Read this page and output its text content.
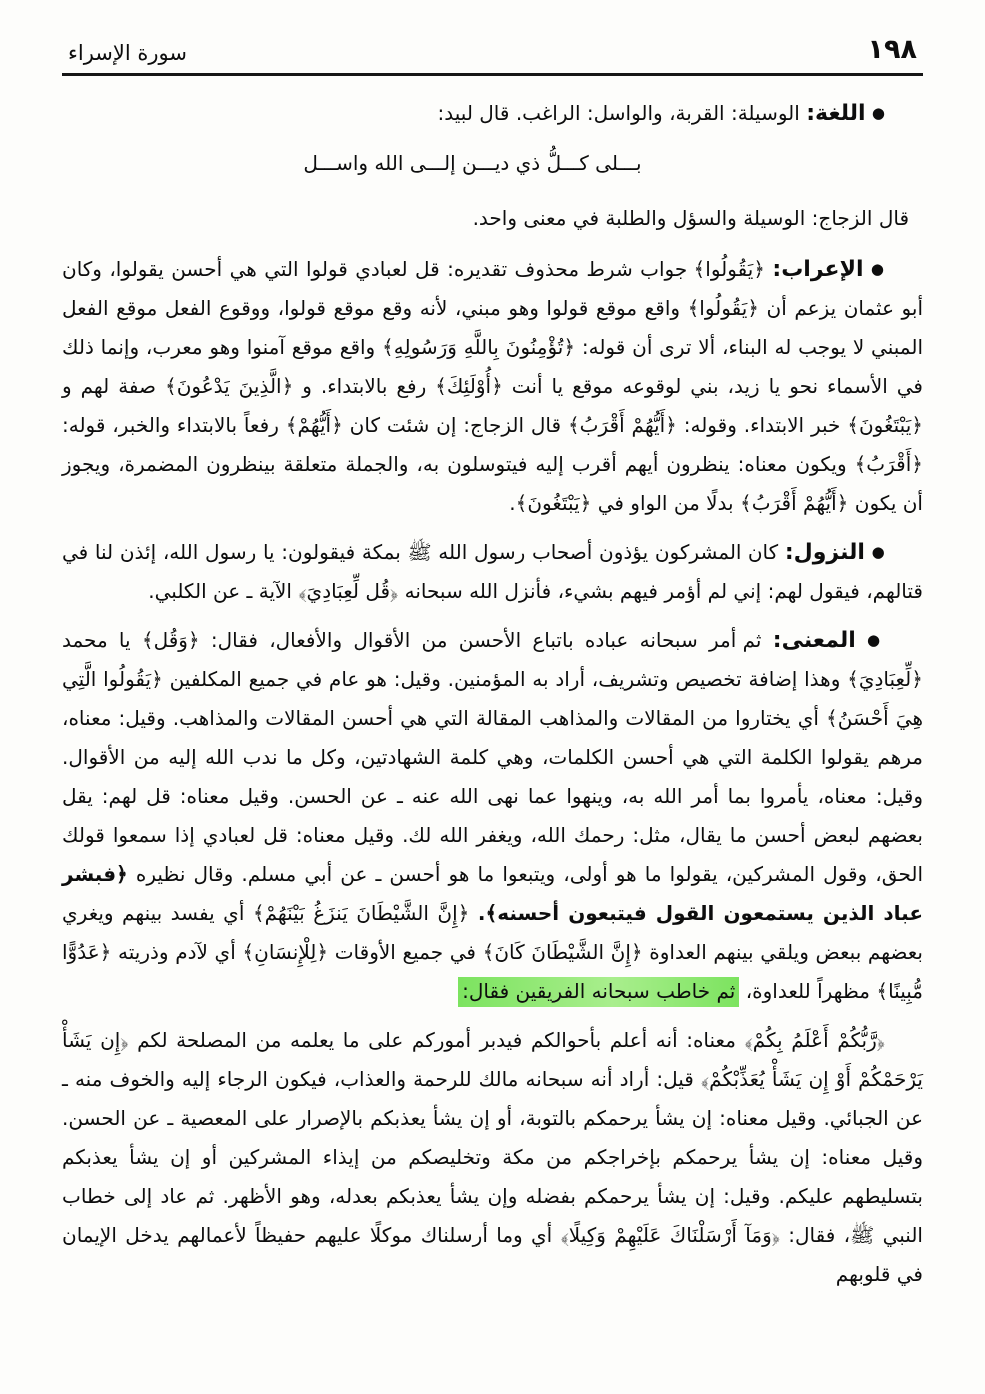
١٩٨
سورة الإسراء

● اللغة: الوسيلة: القربة، والواسل: الراغب. قال لبيد:

بـــلى كـــلُّ ذي ديـــن إلـــى الله واســـل

قال الزجاج: الوسيلة والسؤل والطلبة في معنى واحد.

● الإعراب: ﴿يَقُولُوا﴾ جواب شرط محذوف تقديره: قل لعبادي قولوا التي هي أحسن يقولوا، وكان أبو عثمان يزعم أن ﴿يَقُولُوا﴾ واقع موقع قولوا وهو مبني، لأنه وقع موقع قولوا، ووقوع الفعل موقع الفعل المبني لا يوجب له البناء، ألا ترى أن قوله: ﴿تُؤْمِنُونَ بِاللَّهِ وَرَسُولِهِ﴾ واقع موقع آمنوا وهو معرب، وإنما ذلك في الأسماء نحو يا زيد، بني لوقوعه موقع يا أنت ﴿أُوْلَئِكَ﴾ رفع بالابتداء. و ﴿الَّذِينَ يَدْعُونَ﴾ صفة لهم و ﴿يَبْتَغُونَ﴾ خبر الابتداء. وقوله: ﴿أَيُّهُمْ أَقْرَبُ﴾ قال الزجاج: إن شئت كان ﴿أَيُّهُمْ﴾ رفعاً بالابتداء والخبر، قوله: ﴿أَقْرَبُ﴾ ويكون معناه: ينظرون أيهم أقرب إليه فيتوسلون به، والجملة متعلقة بينظرون المضمرة، ويجوز أن يكون ﴿أَيُّهُمْ أَقْرَبُ﴾ بدلًا من الواو في ﴿يَبْتَغُونَ﴾.

● النزول: كان المشركون يؤذون أصحاب رسول الله ﷺ بمكة فيقولون: يا رسول الله، إئذن لنا في قتالهم، فيقول لهم: إني لم أؤمر فيهم بشيء، فأنزل الله سبحانه ﴿قُل لِّعِبَادِيَ﴾ الآية ـ عن الكلبي.

● المعنى: ثم أمر سبحانه عباده باتباع الأحسن من الأقوال والأفعال، فقال: ﴿وَقُل﴾ يا محمد ﴿لِّعِبَادِيَ﴾ وهذا إضافة تخصيص وتشريف، أراد به المؤمنين. وقيل: هو عام في جميع المكلفين ﴿يَقُولُوا الَّتِي هِيَ أَحْسَنُ﴾ أي يختاروا من المقالات والمذاهب المقالة التي هي أحسن المقالات والمذاهب. وقيل: معناه، مرهم يقولوا الكلمة التي هي أحسن الكلمات، وهي كلمة الشهادتين، وكل ما ندب الله إليه من الأقوال. وقيل: معناه، يأمروا بما أمر الله به، وينهوا عما نهى الله عنه ـ عن الحسن. وقيل معناه: قل لهم: يقل بعضهم لبعض أحسن ما يقال، مثل: رحمك الله، ويغفر الله لك. وقيل معناه: قل لعبادي إذا سمعوا قولك الحق، وقول المشركين، يقولوا ما هو أولى، ويتبعوا ما هو أحسن ـ عن أبي مسلم. وقال نظيره ﴿فبشر عباد الذين يستمعون القول فيتبعون أحسنه﴾. ﴿إِنَّ الشَّيْطَانَ يَنزَغُ بَيْنَهُمْ﴾ أي يفسد بينهم ويغري بعضهم ببعض ويلقي بينهم العداوة ﴿إِنَّ الشَّيْطَانَ كَانَ﴾ في جميع الأوقات ﴿لِلْإِنسَانِ﴾ أي لآدم وذريته ﴿عَدُوًّا مُّبِينًا﴾ مظهراً للعداوة، ثم خاطب سبحانه الفريقين فقال:

﴿رَّبُّكُمْ أَعْلَمُ بِكُمْ﴾ معناه: أنه أعلم بأحوالكم فيدبر أموركم على ما يعلمه من المصلحة لكم ﴿إِن يَشَأْ يَرْحَمْكُمْ أَوْ إِن يَشَأْ يُعَذِّبْكُمْ﴾ قيل: أراد أنه سبحانه مالك للرحمة والعذاب، فيكون الرجاء إليه والخوف منه ـ عن الجبائي. وقيل معناه: إن يشأ يرحمكم بالتوبة، أو إن يشأ يعذبكم بالإصرار على المعصية ـ عن الحسن. وقيل معناه: إن يشأ يرحمكم بإخراجكم من مكة وتخليصكم من إيذاء المشركين أو إن يشأ يعذبكم بتسليطهم عليكم. وقيل: إن يشأ يرحمكم بفضله وإن يشأ يعذبكم بعدله، وهو الأظهر. ثم عاد إلى خطاب النبي ﷺ، فقال: ﴿وَمَآ أَرْسَلْنَاكَ عَلَيْهِمْ وَكِيلًا﴾ أي وما أرسلناك موكلًا عليهم حفيظاً لأعمالهم يدخل الإيمان في قلوبهم
